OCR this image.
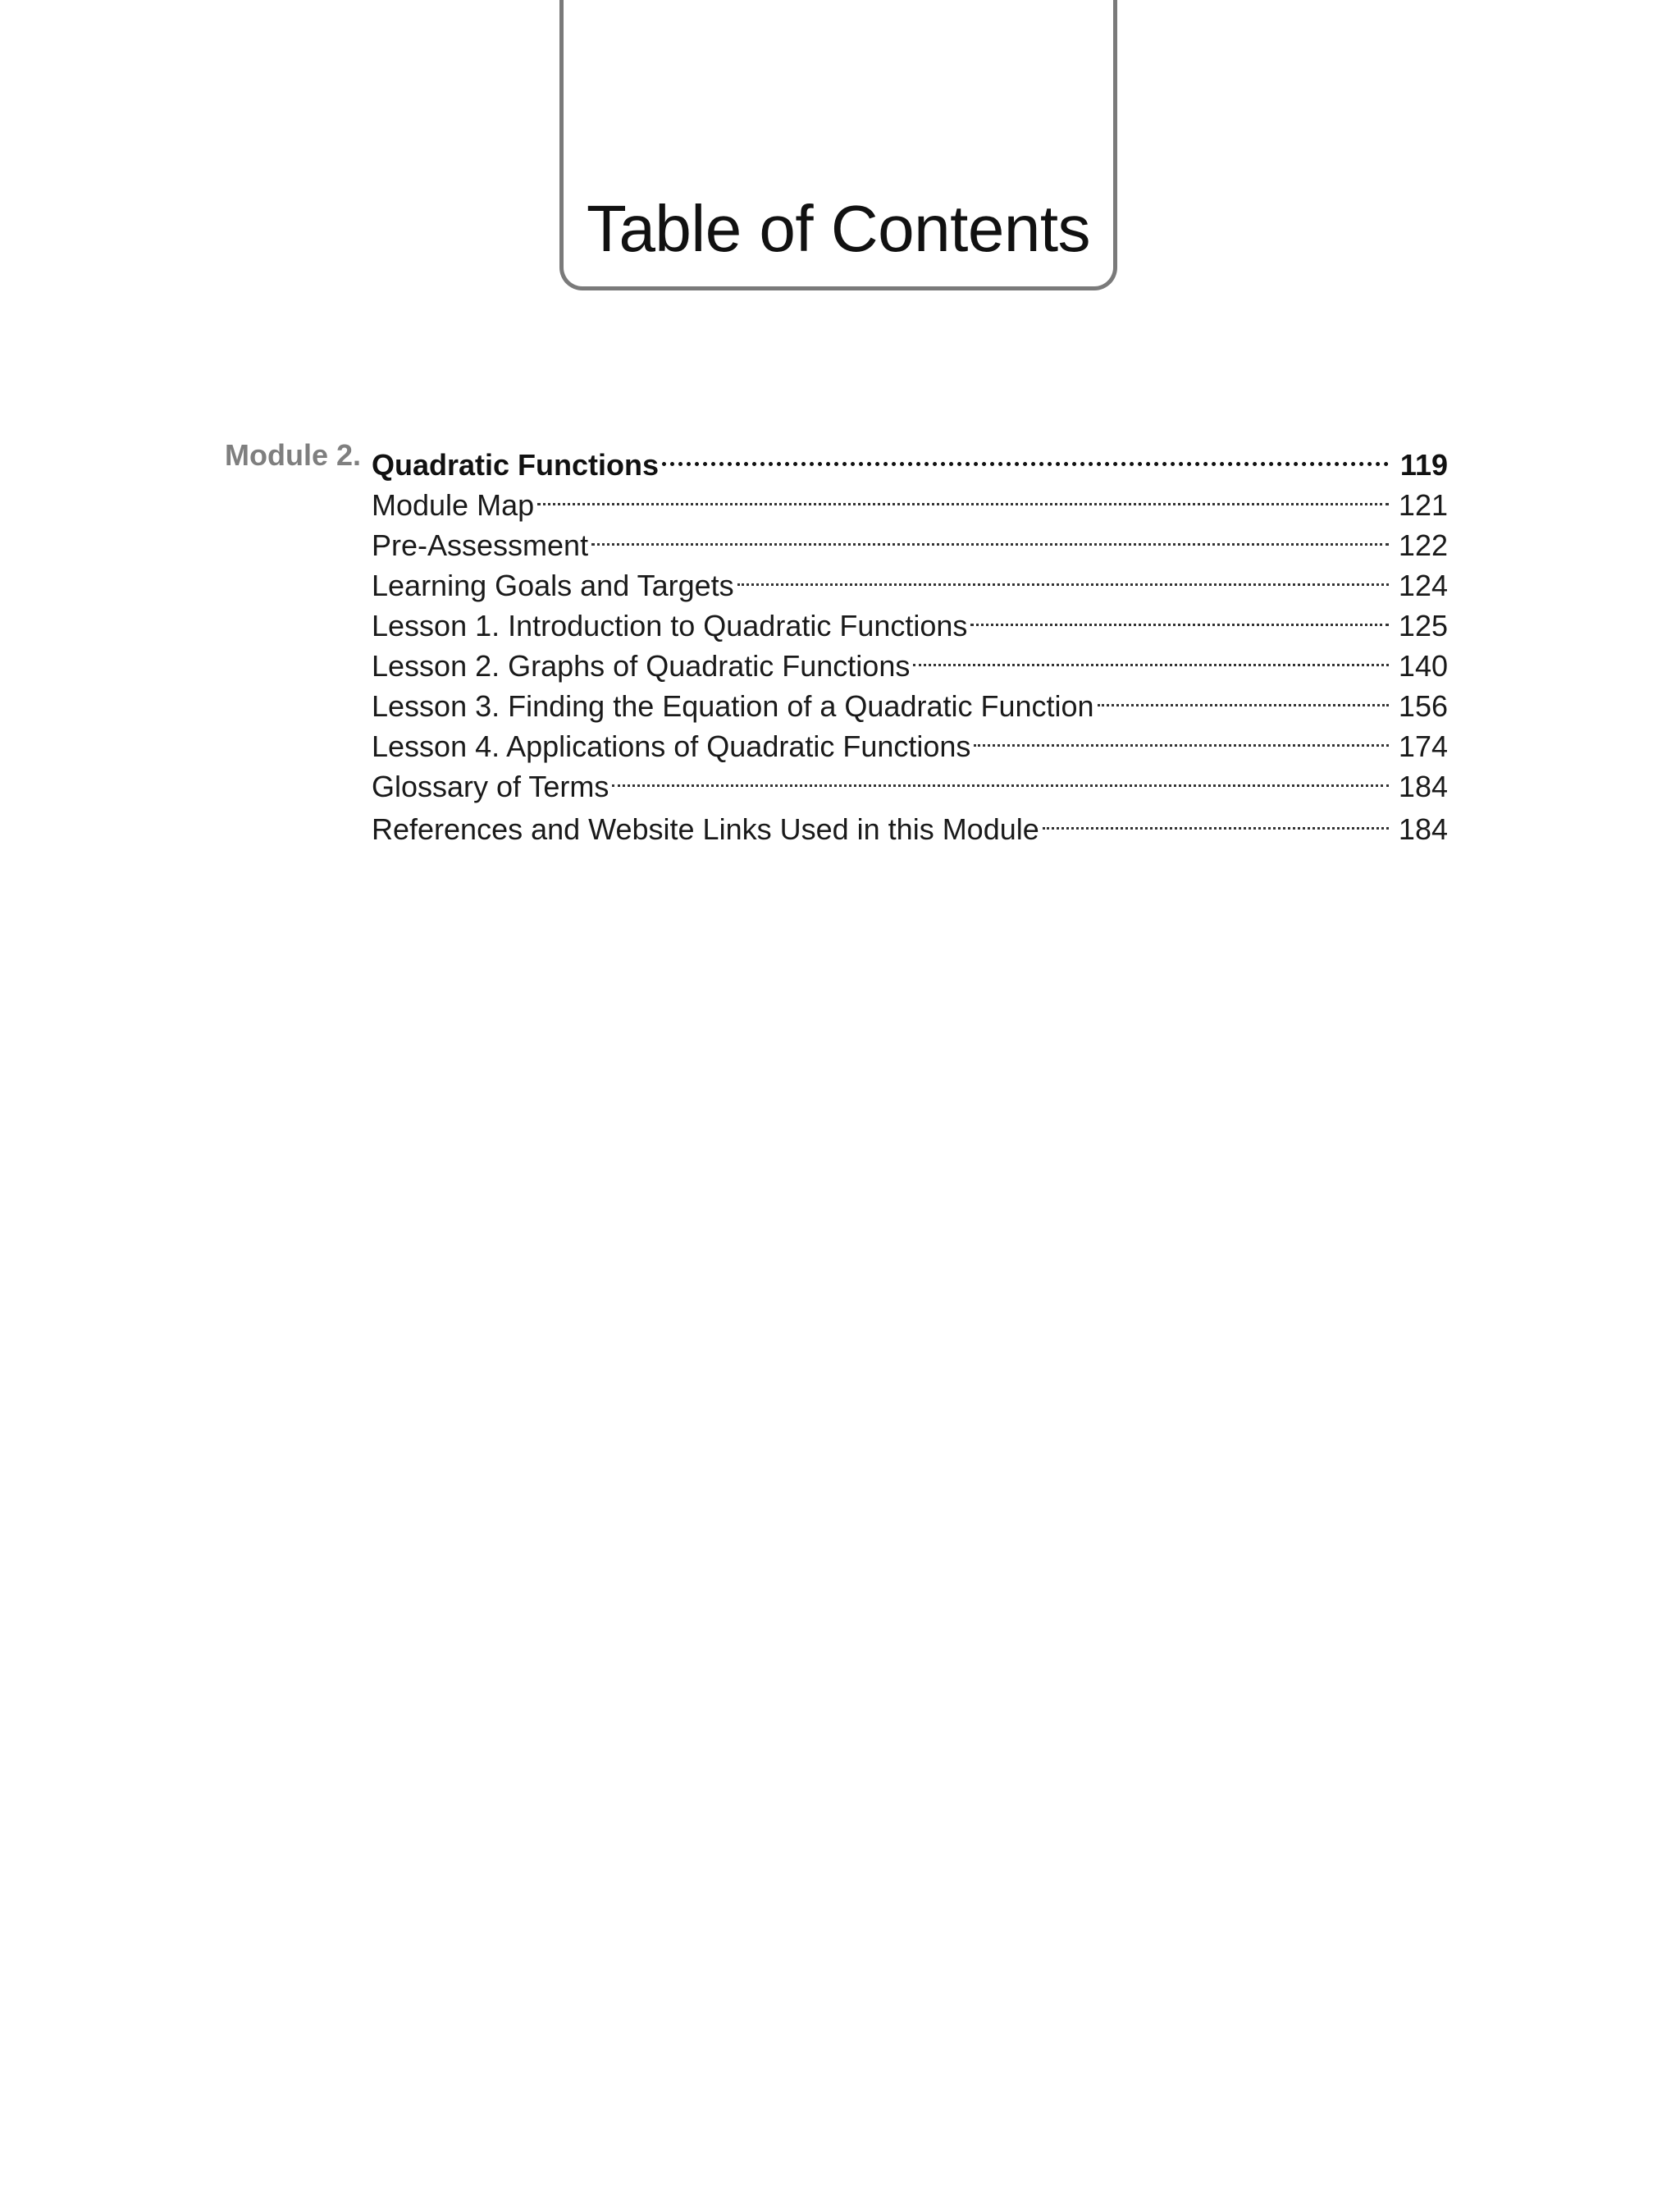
Table of Contents
Module 2. Quadratic Functions	119
Module Map	121
Pre-Assessment	122
Learning Goals and Targets	124
Lesson 1. Introduction to Quadratic Functions	125
Lesson 2. Graphs of Quadratic Functions	140
Lesson 3. Finding the Equation of a Quadratic Function	156
Lesson 4. Applications of Quadratic Functions	174
Glossary of Terms	184
References and Website Links Used in this Module	184
